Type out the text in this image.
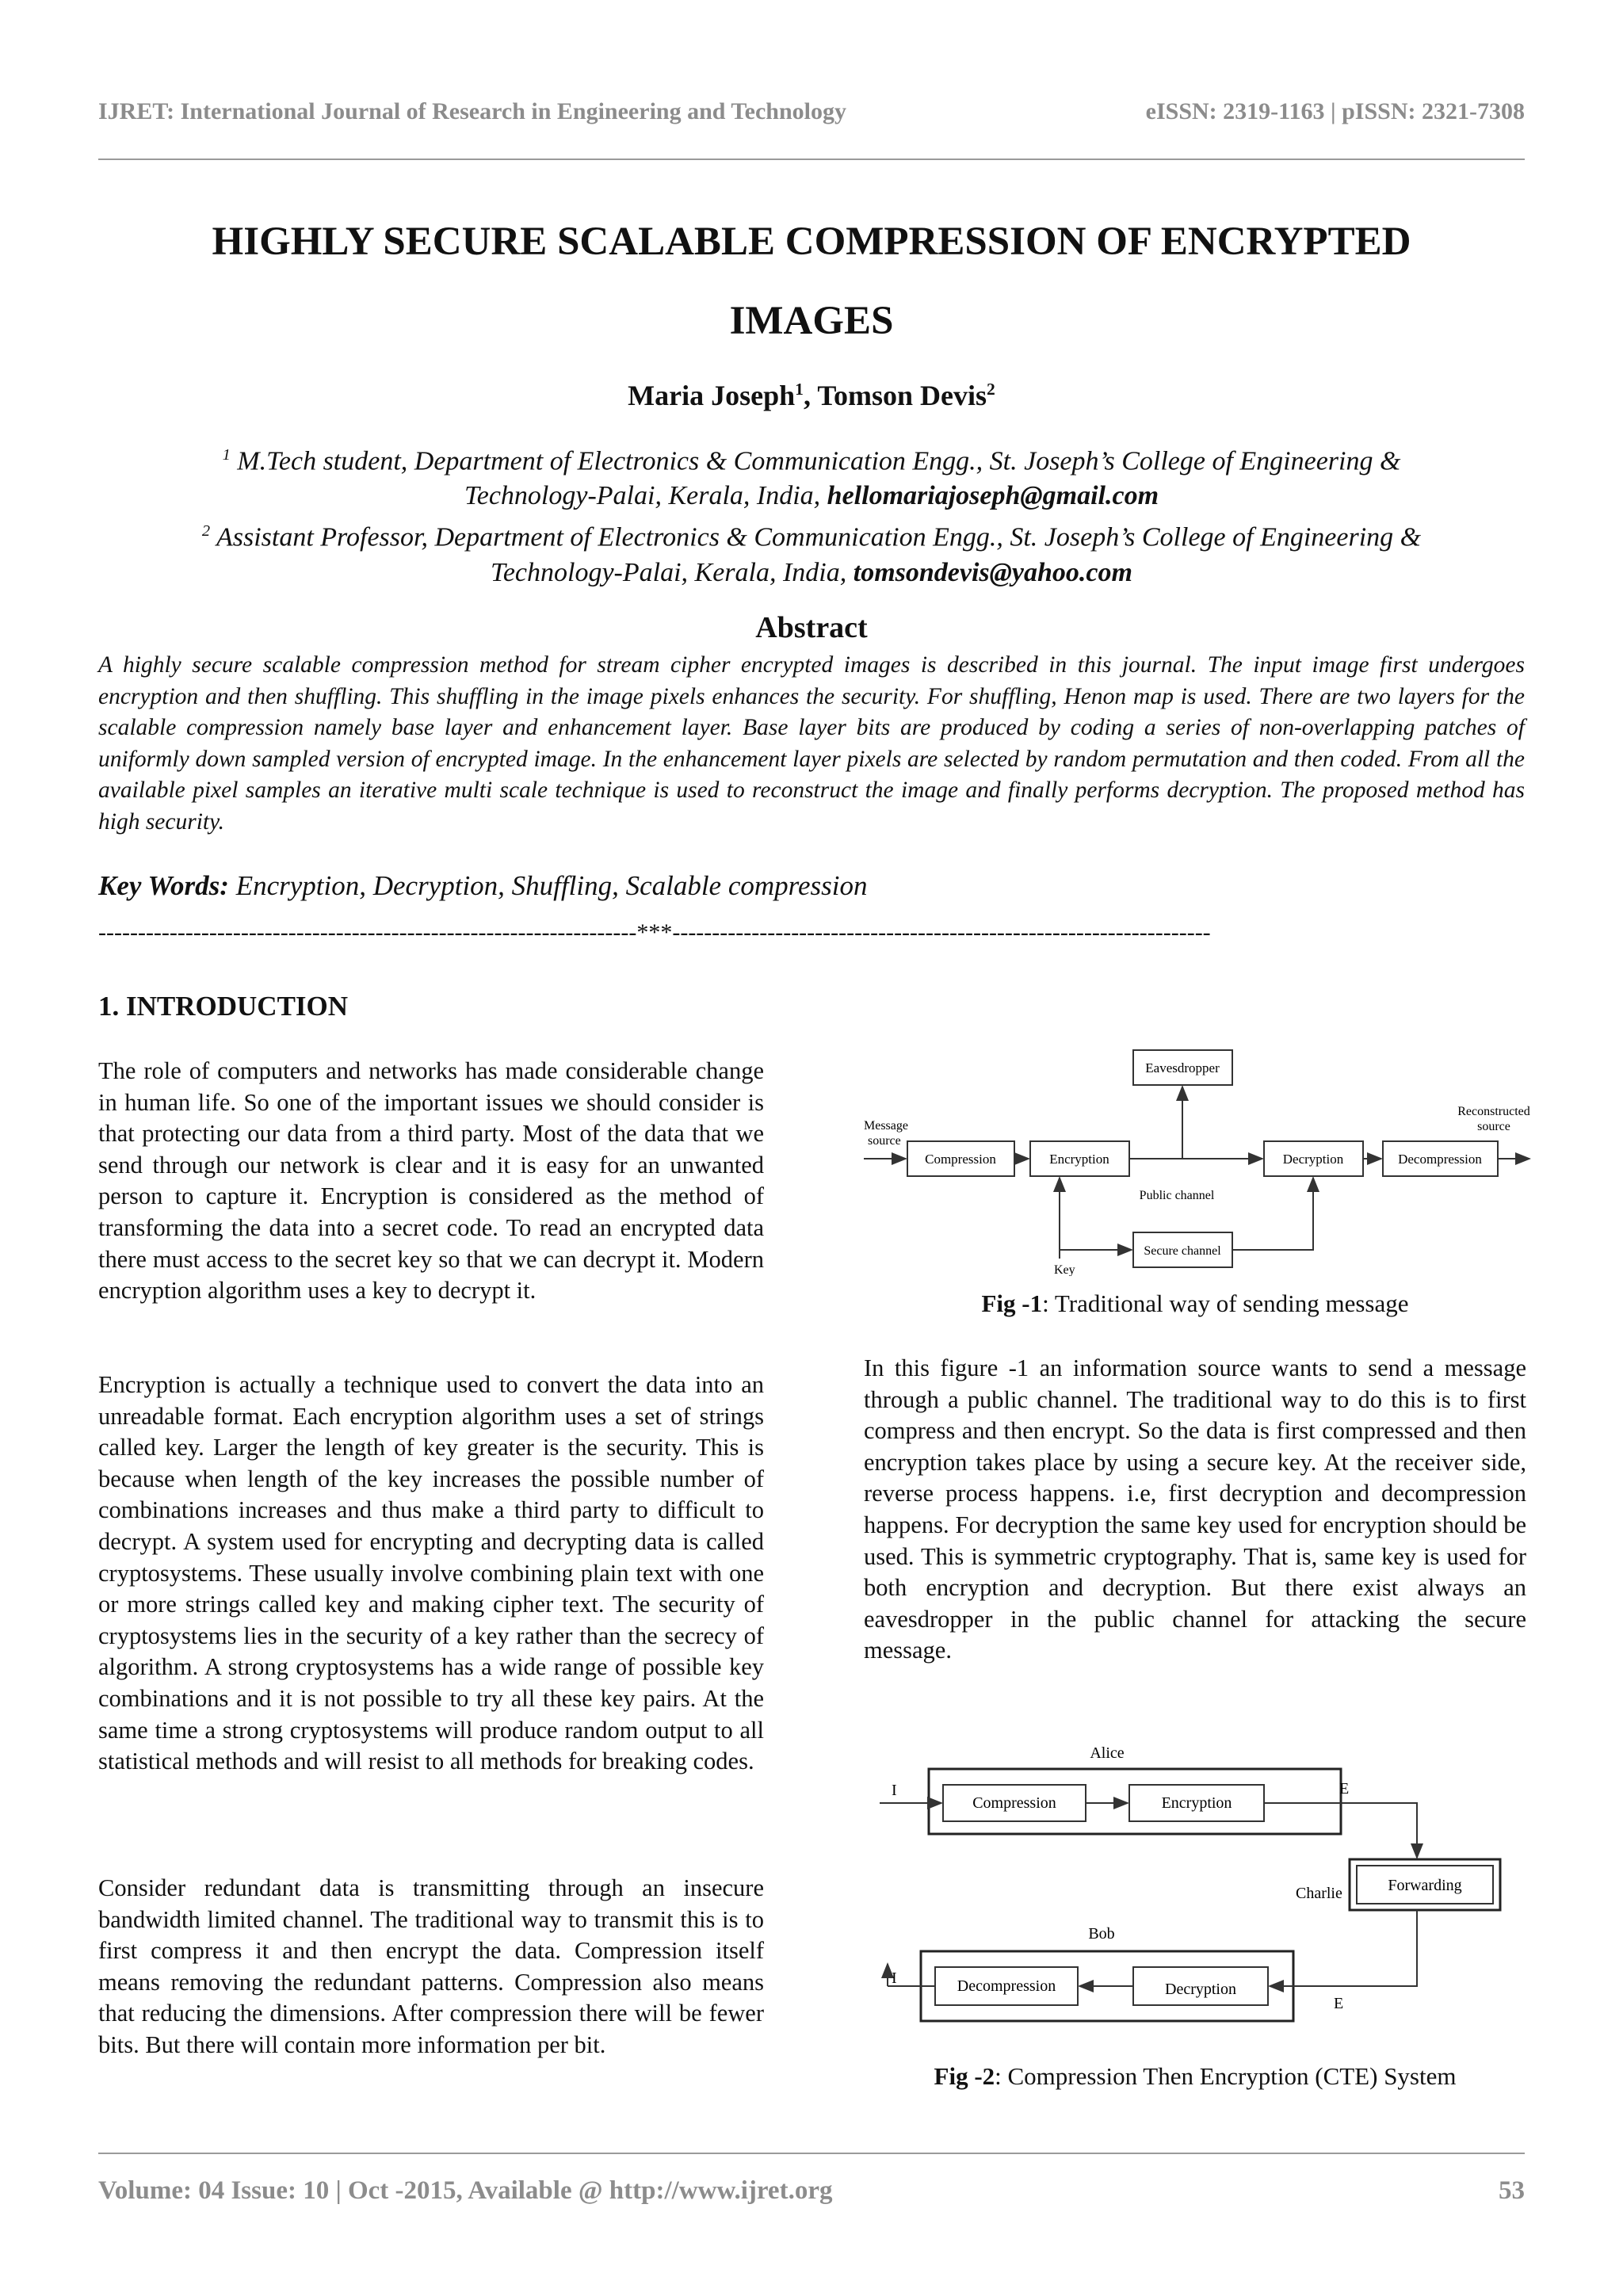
IJRET: International Journal of Research in Engineering and Technology	eISSN: 2319-1163 | pISSN: 2321-7308
HIGHLY SECURE SCALABLE COMPRESSION OF ENCRYPTED
IMAGES
Maria Joseph$^1$, Tomson Devis$^2$
$^1$ M.Tech student, Department of Electronics & Communication Engg., St. Joseph’s College of Engineering &
Technology-Palai, Kerala, India, hellomariajoseph@gmail.com
$^2$ Assistant Professor, Department of Electronics & Communication Engg., St. Joseph’s College of Engineering &
Technology-Palai, Kerala, India, tomsondevis@yahoo.com
Abstract
A highly secure scalable compression method for stream cipher encrypted images is described in this journal. The input image first undergoes encryption and then shuffling. This shuffling in the image pixels enhances the security. For shuffling, Henon map is used. There are two layers for the scalable compression namely base layer and enhancement layer. Base layer bits are produced by coding a series of non-overlapping patches of uniformly down sampled version of encrypted image. In the enhancement layer pixels are selected by random permutation and then coded. From all the available pixel samples an iterative multi scale technique is used to reconstruct the image and finally performs decryption. The proposed method has high security.
Key Words: Encryption, Decryption, Shuffling, Scalable compression
--------------------------------------------------------------------***--------------------------------------------------------------------
1. INTRODUCTION
The role of computers and networks has made considerable change in human life. So one of the important issues we should consider is that protecting our data from a third party. Most of the data that we send through our network is clear and it is easy for an unwanted person to capture it. Encryption is considered as the method of transforming the data into a secret code. To read an encrypted data there must access to the secret key so that we can decrypt it. Modern encryption algorithm uses a key to decrypt it.
Encryption is actually a technique used to convert the data into an unreadable format. Each encryption algorithm uses a set of strings called key. Larger the length of key greater is the security. This is because when length of the key increases the possible number of combinations increases and thus make a third party to difficult to decrypt. A system used for encrypting and decrypting data is called cryptosystems. These usually involve combining plain text with one or more strings called key and making cipher text. The security of cryptosystems lies in the security of a key rather than the secrecy of algorithm. A strong cryptosystems has a wide range of possible key combinations and it is not possible to try all these key pairs. At the same time a strong cryptosystems will produce random output to all statistical methods and will resist to all methods for breaking codes.
Consider redundant data is transmitting through an insecure bandwidth limited channel. The traditional way to transmit this is to first compress it and then encrypt the data. Compression itself means removing the redundant patterns. Compression also means that reducing the dimensions. After compression there will be fewer bits. But there will contain more information per bit.
Eavesdropper
Compression	Encryption	Decryption	Decompression
Secure channel
Message
source
Reconstructed
source
Public channel
Key
Fig -1: Traditional way of sending message
In this figure -1 an information source wants to send a message through a public channel. The traditional way to do this is to first compress and then encrypt. So the data is first compressed and then encryption takes place by using a secure key. At the receiver side, reverse process happens. i.e, first decryption and decompression happens. For decryption the same key used for encryption should be used. This is symmetric cryptography. That is, same key is used for both encryption and decryption. But there exist always an eavesdropper in the public channel for attacking the secure message.
Alice
Compression	Encryption
I	E
Charlie	Forwarding
Bob
Decompression	Decryption
E
I
Fig -2: Compression Then Encryption (CTE) System
Volume: 04 Issue: 10 | Oct -2015, Available @ http://www.ijret.org	53
